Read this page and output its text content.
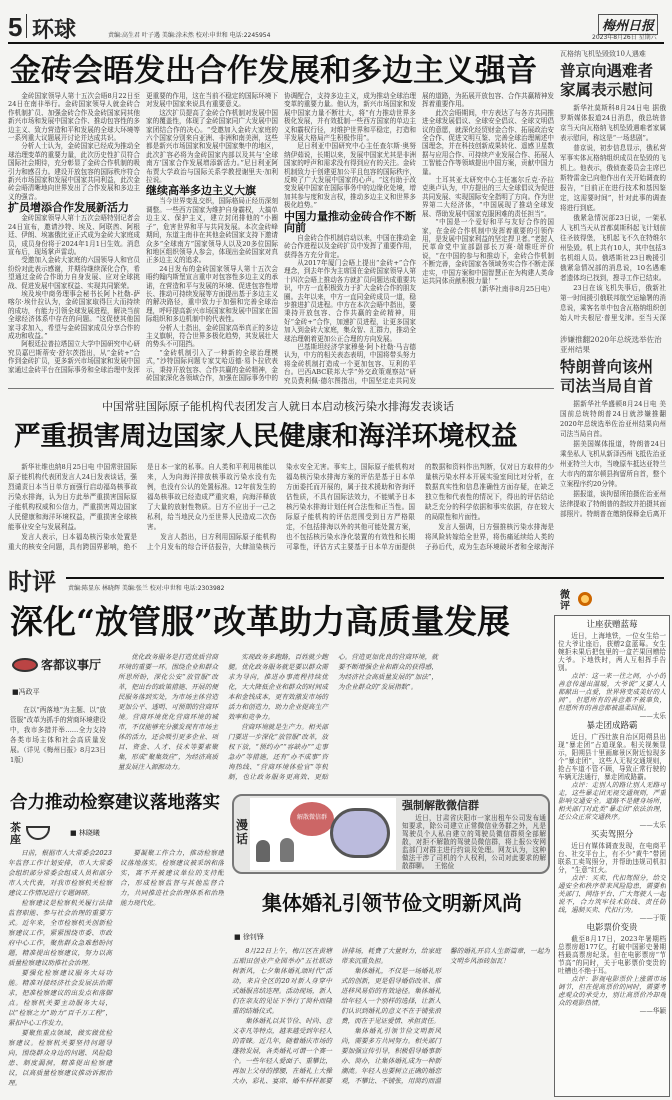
5 环球	责编:高生君 叶子遇 美编:涂未然 校对:申世和 电话:2245954
梅州日报
2023年8月26日 星期六
金砖会晤发出合作发展和多边主义强音

金砖国家领导人第十五次会晤8月22日至24日在南非举行。金砖国家领导人就金砖合作机制扩员、加强金砖合作及金砖国家同其他新兴市场和发展中国家合作、推动包容性的多边主义、致力营造和平和发展的全球大环境等一系列重大议题展开讨论并达成共识。

分析人士认为，金砖国家已经成为推动全球治理变革的重要力量，此次历史性扩员符合国际社会期待，充分彰显了金砖合作机制的吸引力和感召力。建设开放包容的国际秩序符合新兴市场国家和发展中国家共同利益，此次金砖会晤清晰地向世界发出了合作发展和多边主义的强音。

扩员增添合作发展新活力

金砖国家领导人第十五次会晤特别记者会24日宣布，邀请沙特、埃及、阿联酋、阿根廷、伊朗、埃塞俄比亚正式成为金砖大家庭成员，成员身份将于2024年1月1日生效。消息宣布后，现场掌声雷动。

受邀加入金砖大家庭的六国领导人和官员纷纷对此表示感谢，并期待继续深化合作，希望通过金砖合作助力自身发展、应对全球挑战、促进发展中国家权益、实现共同繁荣。

埃及埃中商务理事会秘书长阿卜杜勒-萨喀尔·埃什拉认为，金砖国家取得巨大而持续的成功，有能力引领全球发展进程，解决当前全球经济体系中存在的问题。“这促使其他国家寻求加入，希望与金砖国家成员分享合作的成功和收益。”

阿根廷拉普拉塔国立大学中国研究中心研究员嘉巴斯蒂安·舒尔茨指出，从“金砖+”合作到金砖扩员，更多新兴市场国家和发展中国家通过金砖平台在国际事务和全球治理中发挥更重要的作用，这在当前不稳定的国际环境下对发展中国家来说具有重要意义。

这次扩员提高了金砖合作机制对发展中国家的覆盖性，体现了金砖国家同广大发展中国家团结合作的决心。“受邀加入金砖大家庭的六个国家分别来自亚洲、非洲和南美洲，这些都是新兴市场国家和发展中国家集中的地区，此次扩容必将为金砖国家内部以及其与‘全球南方’国家合作发展增添新活力。”尼日利亚阿布贾大学政治与国际关系学教授谢里夫·加利拉说。

继续高举多边主义大旗

当今世界变乱交织，国际格局正经历深刻调整。一些西方国家为维护自身霸权，大搞单边主义、保护主义，建立封闭排他的“小圈子”，危害世界和平与共同发展。本次金砖峰期间，东道主南非在其他金砖国家支持下邀请众多“全球南方”国家领导人以及20多位国际和地区组织领导人参会，体现出金砖国家对真正多边主义的追求。

24日发布的金砖国家领导人第十五次会晤约翰内斯堡宣言重申对包容性多边主义的承诺，在营造和平与发展的环境、促进包容性增长、推动可持续发展等方面提出基于多边主义的解决路径，重申致力于加强和完善全球治理，呼吁提高新兴市场国家和发展中国家在国际组织和多边机制中的代表性。

分析人士指出，金砖国家高举真正的多边主义旗帜，符合世界多极化趋势，其发展壮大的势头不可阻挡。

“金砖机制引入了一种新的全球治理模式，”沙特国际问题专家艾哈迈德·易卜拉欣表示，秉持开放包容、合作共赢的金砖精神，金砖国家深化各领域合作，加强在国际事务中的协调配合，支持多边主义，成为推动全球治理变革的重要力量。他认为，新兴市场国家和发展中国家力量不断壮大，将“有力推动世界多极化发展，并有效抵制一些西方国家的单边主义和霸权行径，对维护世界和平稳定，打造和平发展大格局产生积极作用”。

尼日利亚中国研究中心主任查尔斯·奥努纳伊茹说，长期以来，发展中国家尤其是非洲国家的呼声和需求没有得到应有的关注。金砖机制致力于创建更加公平且包容的国际秩序，反映了广大发展中国家的心声。“这有助于改变发展中国家在国际事务中的边缘化处境，增加其参与度和发言权，推动多边主义和世界多极化趋势。”

中国力量推动金砖合作不断向前

自金砖合作机制启动以来，中国在推动金砖合作进程以及金砖扩员中发挥了重要作用，获得各方充分肯定。

从2017年厦门会晤上提出“金砖+”合作理念，到去年作为主席国在金砖国家领导人第十四次会晤上推动各方就扩员问题达成重要共识，中方一直积极致力于扩大金砖合作的朋友圈。去年以来，中方一直同金砖成员一道，稳步推进扩员进程。中方在本次会晤中指出，要秉持开放包容、合作共赢的金砖精神，用好“金砖+”合作，加速扩员进程，让更多国家加入到金砖大家庭，集众智、汇群力，推动全球治理朝着更加公正合理的方向发展。

巴基斯坦经济学家穆曼·阿卜杜勒·马吉德认为，中方的相关表态表明，中国将带头努力将金砖机制打造成一个更加包容、互利的平台。巴西ABC联邦大学“外交政策观察站”研究员费利佩·德尔图指出，中国坚定走共同发展的道路，为拓展开放包容、合作共赢精神发挥着重要作用。

此次会晤期间，中方表达了与各方共同推进全球发展倡议、全球安全倡议、全球文明倡议的意愿，就深化经贸财金合作、拓展政治安全合作、促进文明互鉴、完善全球治理阐述中国理念，并在科技创新成果转化、遥感卫星数据与应用合作、可持续产业发展合作、拓展人工智能合作等领域提出中国方案，贡献中国力量。

土耳其亚太研究中心主任塞尔丘克·乔拉克奥卢认为，中方提出的三大全球倡议为促进共同发展、实现国际安全指明了方向。作为世界第二大经济体，“中国展现了推动全球发展、帮助发展中国家克服困难的责任担当”。

“中国是一个爱好和平与友好合作的国家，在金砖合作机制中发挥着重要的引领作用，是发展中国家利益的坚定捍卫者。”老挝人民革命党中宣部副部长万赛·端维旺评价说，“在中国的参与和推动下，金砖合作机制不断完善，金砖国家各领域务实合作不断走深走实，中国方案和中国智慧正在为构建人类命运共同体贡献积极力量！”

（新华社南非8月25日电）

瓦格纳飞机坠毁致10人遇难
普京向遇难者家属表示慰问

新华社莫斯科8月24日电 据俄罗斯媒体报道24日消息，俄总统普京当天向瓦格纳飞机坠毁遇难者家属表示慰问，称这是“一场悲剧”。

普京说，初步信息显示，俄私营军事实体瓦格纳组织成员在坠毁的飞机上。他表示，俄侦查委员会主席巴斯特雷金已向他作出有关开始调查的报告，“目前正在进行技术和基因鉴定，这需要时间”，针对此事的调查将进行到底。

俄紧急情况部23日说，一架私人飞机当天从首都莫斯科起飞计划前往圣彼得堡，飞机起飞不久在特维尔州坠毁。机上共有10人，其中包括3名机组人员。俄塔斯社23日晚援引俄紧急情况部的消息说，10名遇难者遗体均已找到，搜寻工作已结束。

23日在该飞机失事后，俄新社第一时间援引俄联邦航空运输署的消息说，乘客名单中包含瓦格纳组织创始人叶夫根尼·普里戈津。至当天深

涉嫌推翻2020年总统选举佐治亚州结果
特朗普向该州司法当局自首

据新华社华盛顿8月24日电 美国前总统特朗普24日就涉嫌推翻2020年总统选举佐治亚州结果向州司法当局自首。

据美国媒体报道，特朗普24日乘坐私人飞机从新泽西州飞抵佐治亚州亚特兰大市，当晚原车抵达亚特兰大市内的富尔顿县拘留所自首，整个立案程序约20分钟。

据报道，该拘留所拍摄佐治亚州法律提取了特朗普的指纹并拍摄其面部照片。特朗普在缴纳保释金后离开

中国常驻国际原子能机构代表团发言人就日本启动核污染水排海发表谈话
严重损害周边国家人民健康和海洋环境权益

新华社维也纳8月25日电 中国常驻国际原子能机构代表团发言人24日发表谈话，强烈谴责日本当日单方面强行启动福岛核事故污染水排海，认为日方此举严重损害国际原子能机构权威和公信力，严重损害周边国家人民健康和海洋环境权益，严重损害全球核能事业安全与发展利益。

发言人表示，日本福岛核污染水处置是重大的核安全问题，具有跨国界影响，绝不是日本一家的私事。自人类和平利用核能以来，人为向海洋排放核事故污染水没有先例，也没有公认的处置标准。12年前发生的福岛核事故已经造成严重灾难，向海洋释放了大量的放射性物质。日方不应出于一己之私利，给当地民众乃至世界人民造成二次伤害。

发言人指出，日方利用国际原子能机构上个月发布的综合评估报告，大肆渲染核污染水安全无害。事实上，国际原子能机构对福岛核污染水排海方案的评估是基于日本单方面委托而开展的，属于技术援助和咨询评估性质，不具有国际法效力，不能赋予日本核污染水排海计划任何合法性和正当性。国际原子能机构的评估范围受到日方严格限定，不包括排海以外的其他可能处置方案，也不包括核污染水净化装置的有效性和长期可靠性，评估方式主要基于日本单方面提供的数据和资料作出判断，仅对日方取样的少量核污染水样本开展实验室间比对分析，在数据真实性和信息准确性方面存疑，在缺乏独立性和代表性的情况下，得出的评估结论缺乏充分的科学依据和事实依据，存在较大的局限性和片面性。

发言人强调，日方强推核污染水排海是将风险转嫁给全世界，将伤痛延续给人类的子孙后代，成为生态环境破坏者和全球海洋

时评 责编:陈显东 林晓辉 美编:张兰 校对:申世和 电话:2303982
深化“放管服”改革助力高质量发展
客都议事厅
■冯政平

在以“两落地”为主题、以“放管服”改革为抓手的营商环境建设中，我市多措并举……全力支持各类市场主体和社会高质量发展。（详见《梅州日报》8月23日1版）

优化政务服务是打造优质营商环境的重要一环。围绕企业和群众所思所盼，深化公安“放管服”改革，把出台的政策措施、开展的便民服务落到实处，为市场主体营造更加公平、透明、可预期的营商环境。营商环境优化营商环境的城市，不仅能够充分激发现有市场主体的活力，还会吸引更多企业、项目、资金、人才、技术等要素聚集，形成“聚集效应”，为经济高质量发展注入源源动力。

实现政务多跑路，百姓就少跑腿。优化政务服务就是要以群众需求为导向，推进办事流程持续优化，大大降低企业和群众的时间成本和金钱成本，更有效激发市场的活力和创造力，助力企业提高生产效率和竞争力。

营商环境就是生产力。相关部门要进一步深化“放管服”改革，放权下放，“预约办”“容缺办”“走事急办”等措施，还有“办不成事”咨询热线、“营商环境体验官”等机制，也让政务服务更高效、更贴心。营造更加优良的营商环境，就要不断增强企业和群众的获得感，为经济社会高质量发展的“加法”，为企业群众的“发展指数”。

微评
让座获赠蓝莓

近日，上海地铁，一位女生给一位大爷让座后，获赠2盒蓝莓。女生婉拒未果后把包里的一盒芒果回赠给大爷。下地铁时，两人互相挥手告别。

点评：这一来一往之间，小小的善意传递出温暖，大爷说“又要人人都献出一点爱，世界将变成美好的人间”。但愿所有的善意都不被辜负，但愿所有的善意都被温柔回报。

——太乐

暴走团成路霸

近日，广西壮族自治区阳朔县出现“暴走团”占道现象。相关视频显示，阳朔县十里画廊景区附近惊现多个“暴走团”，这些人无视交通规则，抢占车道不管不顾，导致正常行驶的车辆无法通行，暴走团成路霸。

点评：走别人的路让别人无路可走，这些暴走团无视交通规则，严重影响交通安全。道路不是健身场所，相关部门对此类“暴走团”依法治理，还公众正常交通秩序。

——太乐

买卖驾照分

近日有媒体调查发现，在电商平台、社交平台上，有不少“黄牛”带团联系工卖驾照分，并帮助违规司机扣分，“生意”红火。

点评：买卖、代扣驾照分，给交通安全和秩序带来风险隐患，需要相关部门、网络平台、广大驾驶人一起说不，合力筑牢技术防线、责任防线，遏制买卖、代扣行为。

——于策

电影票价变贵

截至8月17日，2023年暑期档总票房超177亿，打破中国影史暑期档最高票房纪录。但在电影票房“节节高”的同时，关于电影票价变贵的吐槽也不绝于耳。

点评：影视电影票价上涨需市场调节，但在提高票价的同时，需要考虑观众的承受力，别让高票价冷却观众的观影热情。

——华颖

合力推动检察建议落地落实
茶座	■ 林晓曦

日前，根据市人大常委会2023年监督工作计划安排，市人大常委会组织部分常委会组成人员和部分市人大代表，对我市检察机关检察建议工作情况进行专题调研。

检察建议是检察机关履行法律监督职能、参与社会治理的重要方式。近年来，全市检察机关创新检察建议工作，紧紧围绕市委、市政府中心工作，聚焦群众急难愁盼问题，精准提出检察建议，努力以高质量检察建议助推社会治理。

要强化检察建议服务大局功能。精准对接经济社会发展法治需求，把准检察建议的出发点和落脚点。检察机关要主动服务大局，以“检察之力”助力“百千万工程”，紧扣中心工作发力。

要聚焦重点领域，做实做优检察建议。检察机关要坚持问题导向，围绕群众身边的问题、风险隐患、制度漏洞，精准提出检察建议，以高质量检察建议推动诉源治理。

要凝聚工作合力，推动检察建议落地落实。检察建议被采纳和落实，离不开被建议单位的支持配合，形成检察监督与其他监督合力，共同推进社会治理体系和治理能力现代化。

漫话
解散微信群
强制解散微信群
近日，甘肃省庆阳市一家出租车公司发布通知要求，除公司建立正常微信业务群之外，凡是驾驶员个人私自建立的驾驶员微信群须全部解散，对拒不解散的驾驶员微信群，将上报公安网监部门对群主进行约谈及处理。网友认为，这种做法干涉了司机的个人权利，公司对此要求的解散群聊。 王铭俭
集体婚礼引领节俭文明新风尚
■ 徐钊锋

8月22日上午，梅江区在黄塘五眼田创业产业园举办“五社联动树新风，七夕集体婚礼颂时代”活动，来自全区的20对新人身穿中式婚服喜结连理。活动现场，新人们在亲友的见证下举行了简朴而隆重的结婚仪式。

集体婚礼以其节俭、时尚、意义非凡等特点，越来越受到年轻人的青睐。近几年，随着婚庆市场的蓬勃发展，各类婚礼可谓一个赛一个。一些年轻人爱面子、重攀比，再加上父母的撑腰，在婚礼上大操大办，彩礼、宴席、婚车样样都要讲排场，耗费了大量财力，给家庭带来沉重负担。

集体婚礼，不仅是一场婚礼形式的创新，更是倡导婚俗改革、推进移风易俗的有效途径。集体婚礼给年轻人一个别样的选择，让新人们认识到婚礼的意义不在于铺张浪费，而在于见证爱情、承担责任。

集体婚礼引领节俭文明新风尚，需要多方共同努力。相关部门要加强宣传引导，积极倡导婚事新办、简办，让集体婚礼成为一种新潮流。年轻人也要树立正确的婚恋观，不攀比、不铺张，用简约而温馨的婚礼开启人生新篇章，一起为文明乡风添砖加瓦！
